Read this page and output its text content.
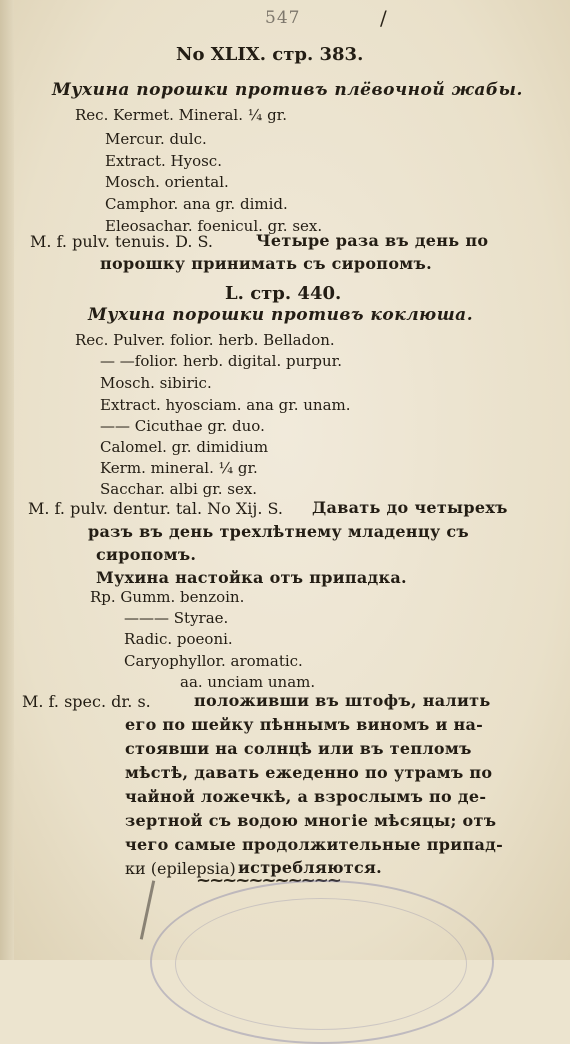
547	/
No XLIX. стр. 383.
Мухина порошки противъ плёвочной жабы.
Rec. Kermet. Mineral. ¼ gr.
Mercur. dulc.
Extract. Hyosc.
Mosch. oriental.
Camphor. ana gr. dimid.
Eleosachar. foenicul. gr. sex.
M. f. pulv. tenuis. D. S.	Четыре раза въ день по
порошку принимать съ сиропомъ.
L. стр. 440.
Мухина порошки противъ коклюша.
Rec. Pulver. folior. herb. Belladon.
— —folior. herb. digital. purpur.
Mosch. sibiric.
Extract. hyosciam. ana gr. unam.
—— Cicuthae gr. duo.
Calomel. gr. dimidium
Kerm. mineral. ¼ gr.
Sacchar. albi gr. sex.
M. f. pulv. dentur. tal. No Xij. S. Давать до четырехъ
разъ въ день трехлѣтнему младенцу съ
сиропомъ.
Мухина настойка отъ припадка.
Rp. Gumm. benzoin.
——— Styrae.
Radic. poeoni.
Caryophyllor. aromatic.
aa. unciam unam.
M. f. spec. dr. s.	положивши въ штофъ, налить
его по шейку пѣннымъ виномъ и на-
стоявши на солнцѣ или въ тепломъ
мѣстѣ, давать ежеденно по утрамъ по
чайной ложечкѣ, а взрослымъ по де-
зертной съ водою многіе мѣсяцы; отъ
чего самые продолжительные припад-
ки (epilepsia) истребляются.
~~~~~~~~~~~
